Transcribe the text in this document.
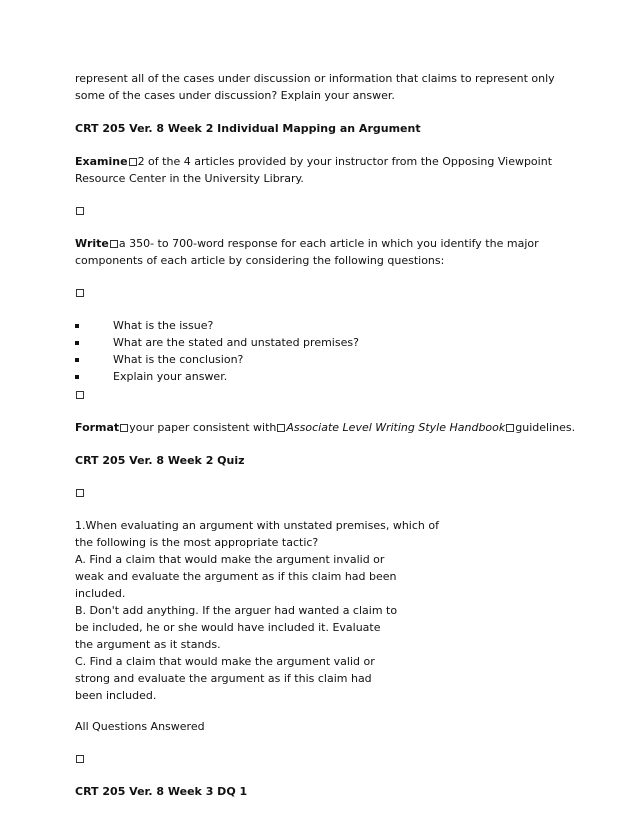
represent all of the cases under discussion or information that claims to represent only
some of the cases under discussion? Explain your answer.
CRT 205 Ver. 8 Week 2 Individual Mapping an Argument
Examine 2 of the 4 articles provided by your instructor from the Opposing Viewpoint
Resource Center in the University Library.
Write a 350- to 700-word response for each article in which you identify the major
components of each article by considering the following questions:
What is the issue?
What are the stated and unstated premises?
What is the conclusion?
Explain your answer.
Format your paper consistent with Associate Level Writing Style Handbook guidelines.
CRT 205 Ver. 8 Week 2 Quiz
1.When evaluating an argument with unstated premises, which of
the following is the most appropriate tactic?
A. Find a claim that would make the argument invalid or
weak and evaluate the argument as if this claim had been
included.
B. Don't add anything. If the arguer had wanted a claim to
be included, he or she would have included it. Evaluate
the argument as it stands.
C. Find a claim that would make the argument valid or
strong and evaluate the argument as if this claim had
been included.
All Questions Answered
CRT 205 Ver. 8 Week 3 DQ 1
